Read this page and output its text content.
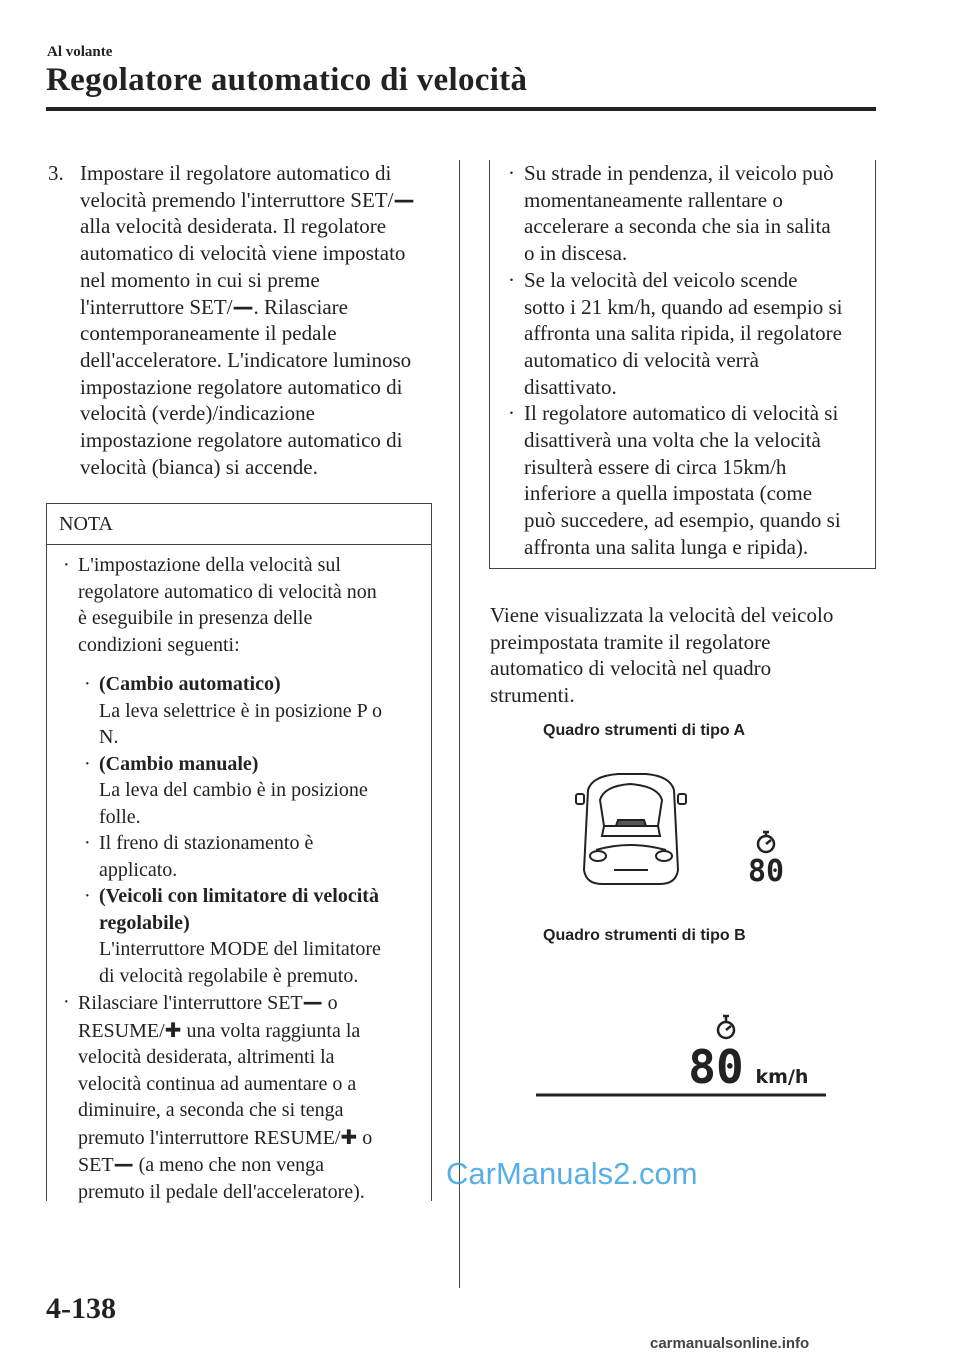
Al volante
Regolatore automatico di velocità
3. Impostare il regolatore automatico di
velocità premendo l'interruttore SET/—
alla velocità desiderata. Il regolatore
automatico di velocità viene impostato
nel momento in cui si preme
l'interruttore SET/—. Rilasciare
contemporaneamente il pedale
dell'acceleratore. L'indicatore luminoso
impostazione regolatore automatico di
velocità (verde)/indicazione
impostazione regolatore automatico di
velocità (bianca) si accende.
NOTA
· L'impostazione della velocità sul
regolatore automatico di velocità non
è eseguibile in presenza delle
condizioni seguenti:
· (Cambio automatico)
La leva selettrice è in posizione P o
N.
· (Cambio manuale)
La leva del cambio è in posizione
folle.
· Il freno di stazionamento è
applicato.
· (Veicoli con limitatore di velocità
regolabile)
L'interruttore MODE del limitatore
di velocità regolabile è premuto.
· Rilasciare l'interruttore SET— o
RESUME/✚ una volta raggiunta la
velocità desiderata, altrimenti la
velocità continua ad aumentare o a
diminuire, a seconda che si tenga
premuto l'interruttore RESUME/✚ o
SET— (a meno che non venga
premuto il pedale dell'acceleratore).
· Su strade in pendenza, il veicolo può
momentaneamente rallentare o
accelerare a seconda che sia in salita
o in discesa.
· Se la velocità del veicolo scende
sotto i 21 km/h, quando ad esempio si
affronta una salita ripida, il regolatore
automatico di velocità verrà
disattivato.
· Il regolatore automatico di velocità si
disattiverà una volta che la velocità
risulterà essere di circa 15km/h
inferiore a quella impostata (come
può succedere, ad esempio, quando si
affronta una salita lunga e ripida).
Viene visualizzata la velocità del veicolo
preimpostata tramite il regolatore
automatico di velocità nel quadro
strumenti.
Quadro strumenti di tipo A
80
Quadro strumenti di tipo B
80 km/h
4-138
CarManuals2.com
carmanualsonline.info
